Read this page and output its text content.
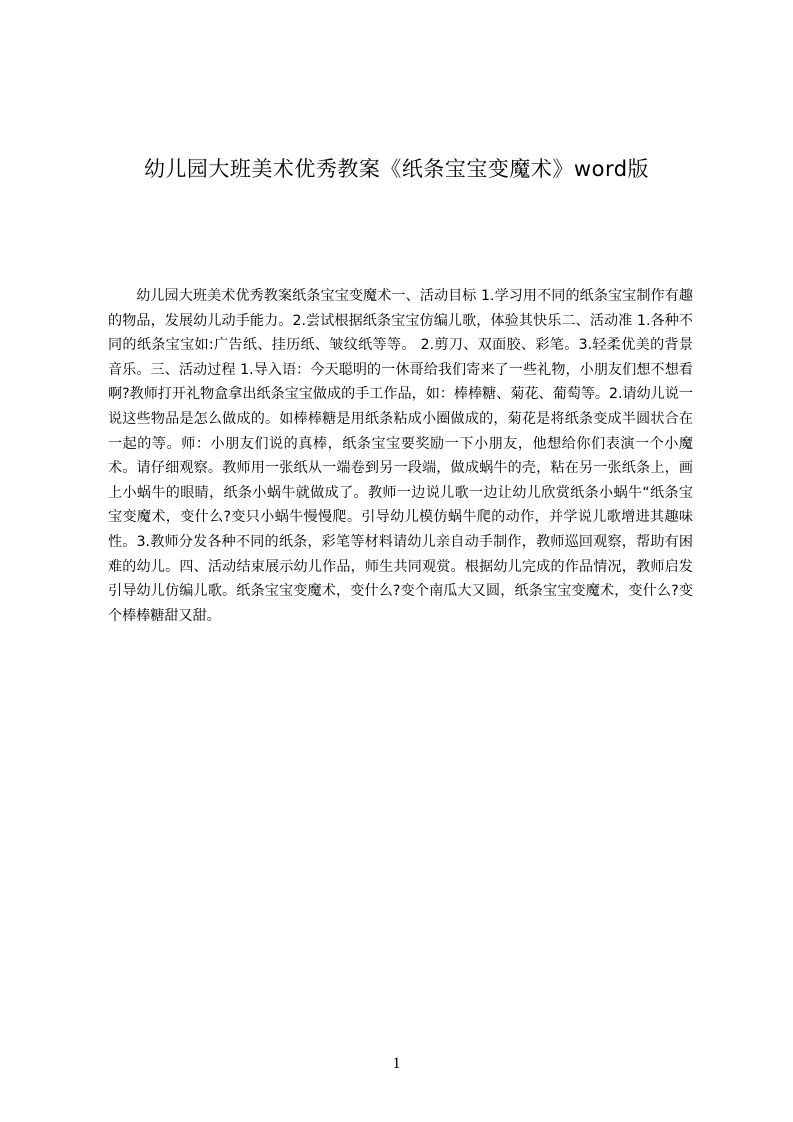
幼儿园大班美术优秀教案《纸条宝宝变魔术》word版

幼儿园大班美术优秀教案纸条宝宝变魔术一、活动目标 1.学习用不同的纸条宝宝制作有趣的物品，发展幼儿动手能力。2.尝试根据纸条宝宝仿编儿歌，体验其快乐二、活动准 1.各种不同的纸条宝宝如:广告纸、挂历纸、皱纹纸等等。 2.剪刀、双面胶、彩笔。3.轻柔优美的背景音乐。三、活动过程 1.导入语：今天聪明的一休哥给我们寄来了一些礼物，小朋友们想不想看啊?教师打开礼物盒拿出纸条宝宝做成的手工作品，如：棒棒糖、菊花、葡萄等。2.请幼儿说一说这些物品是怎么做成的。如棒棒糖是用纸条粘成小圈做成的，菊花是将纸条变成半圆状合在一起的等。师：小朋友们说的真棒，纸条宝宝要奖励一下小朋友，他想给你们表演一个小魔术。请仔细观察。教师用一张纸从一端卷到另一段端，做成蜗牛的壳，粘在另一张纸条上，画上小蜗牛的眼睛，纸条小蜗牛就做成了。教师一边说儿歌一边让幼儿欣赏纸条小蜗牛“纸条宝宝变魔术，变什么?变只小蜗牛慢慢爬。引导幼儿模仿蜗牛爬的动作，并学说儿歌增进其趣味性。3.教师分发各种不同的纸条，彩笔等材料请幼儿亲自动手制作，教师巡回观察，帮助有困难的幼儿。四、活动结束展示幼儿作品，师生共同观赏。根据幼儿完成的作品情况，教师启发引导幼儿仿编儿歌。纸条宝宝变魔术，变什么?变个南瓜大又圆，纸条宝宝变魔术，变什么?变个棒棒糖甜又甜。

1
